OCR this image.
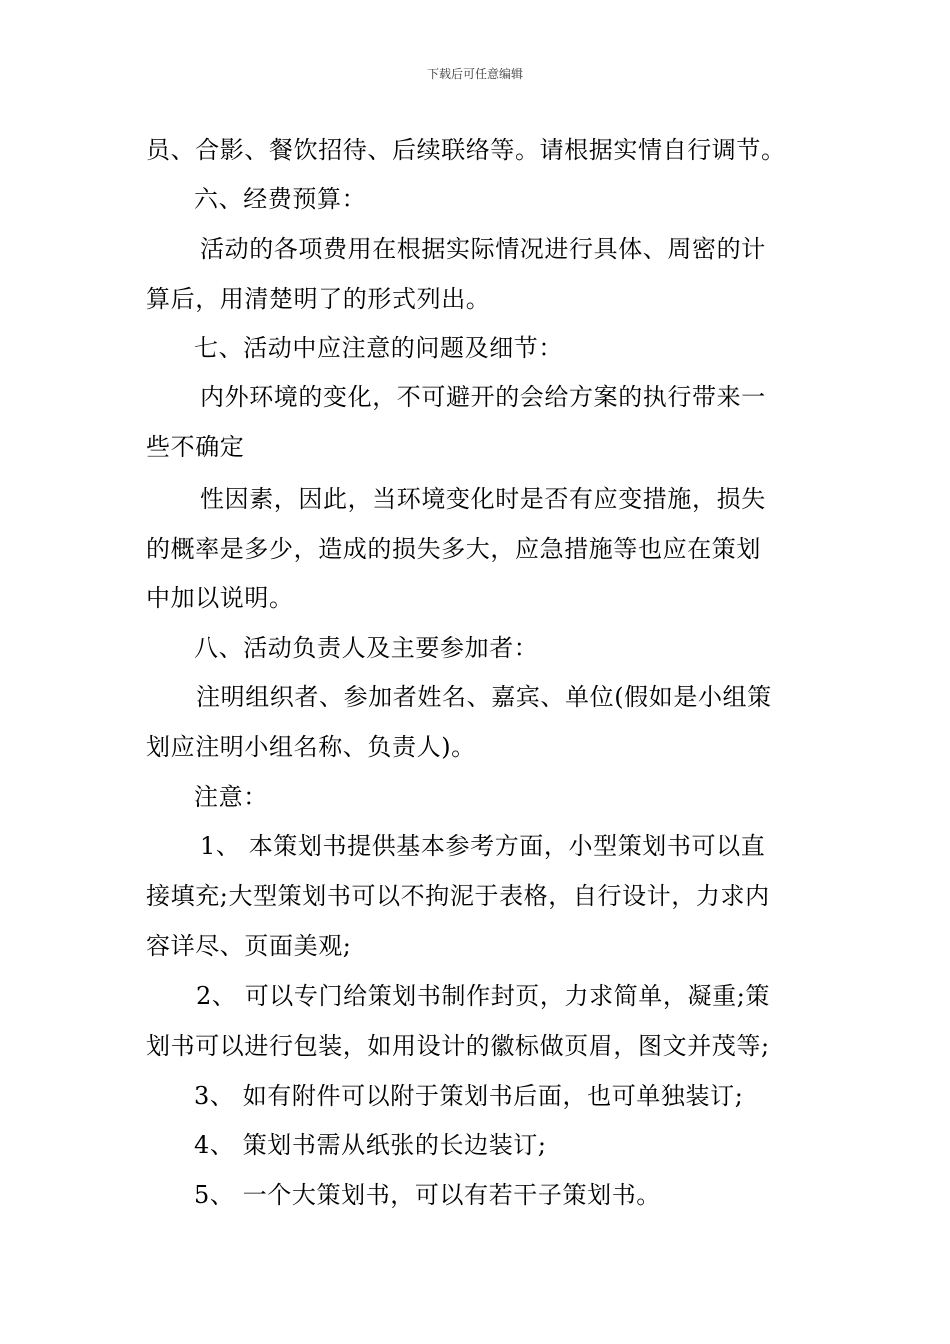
下载后可任意编辑
员、合影、餐饮招待、后续联络等。请根据实情自行调节。
六、经费预算：
活动的各项费用在根据实际情况进行具体、周密的计
算后，用清楚明了的形式列出。
七、活动中应注意的问题及细节：
内外环境的变化，不可避开的会给方案的执行带来一
些不确定
性因素，因此，当环境变化时是否有应变措施，损失
的概率是多少，造成的损失多大，应急措施等也应在策划
中加以说明。
八、活动负责人及主要参加者：
注明组织者、参加者姓名、嘉宾、单位(假如是小组策
划应注明小组名称、负责人)。
注意：
1、 本策划书提供基本参考方面，小型策划书可以直
接填充;大型策划书可以不拘泥于表格，自行设计，力求内
容详尽、页面美观;
2、 可以专门给策划书制作封页，力求简单，凝重;策
划书可以进行包装，如用设计的徽标做页眉，图文并茂等;
3、 如有附件可以附于策划书后面，也可单独装订;
4、 策划书需从纸张的长边装订;
5、 一个大策划书，可以有若干子策划书。
